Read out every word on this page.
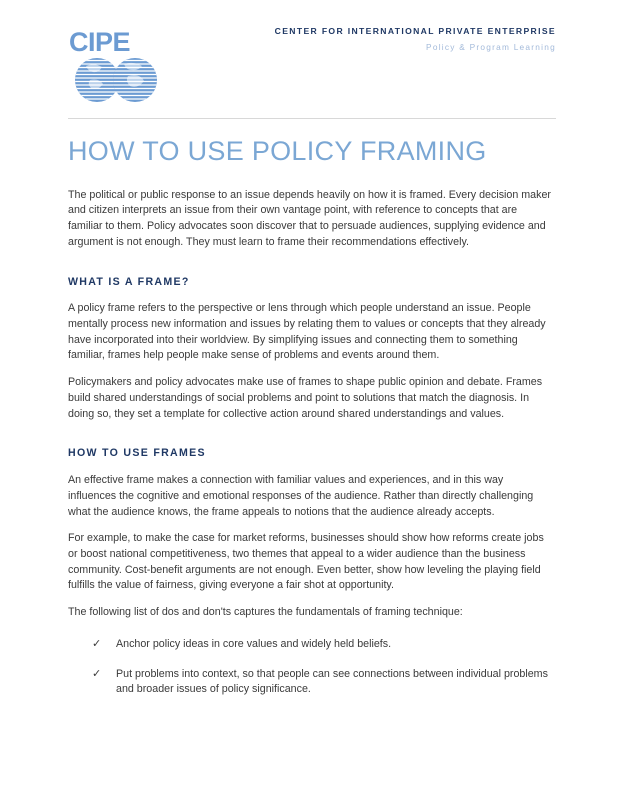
CIPE	CENTER FOR INTERNATIONAL PRIVATE ENTERPRISE
Policy & Program Learning
HOW TO USE POLICY FRAMING

The political or public response to an issue depends heavily on how it is framed. Every decision maker and citizen interprets an issue from their own vantage point, with reference to concepts that are familiar to them. Policy advocates soon discover that to persuade audiences, supplying evidence and argument is not enough. They must learn to frame their recommendations effectively.

WHAT IS A FRAME?

A policy frame refers to the perspective or lens through which people understand an issue. People mentally process new information and issues by relating them to values or concepts that they already have incorporated into their worldview. By simplifying issues and connecting them to something familiar, frames help people make sense of problems and events around them.

Policymakers and policy advocates make use of frames to shape public opinion and debate. Frames build shared understandings of social problems and point to solutions that match the diagnosis. In doing so, they set a template for collective action around shared understandings and values.

HOW TO USE FRAMES

An effective frame makes a connection with familiar values and experiences, and in this way influences the cognitive and emotional responses of the audience. Rather than directly challenging what the audience knows, the frame appeals to notions that the audience already accepts.

For example, to make the case for market reforms, businesses should show how reforms create jobs or boost national competitiveness, two themes that appeal to a wider audience than the business community. Cost-benefit arguments are not enough. Even better, show how leveling the playing field fulfills the value of fairness, giving everyone a fair shot at opportunity.

The following list of dos and don'ts captures the fundamentals of framing technique:

✓ Anchor policy ideas in core values and widely held beliefs.
✓ Put problems into context, so that people can see connections between individual problems and broader issues of policy significance.
